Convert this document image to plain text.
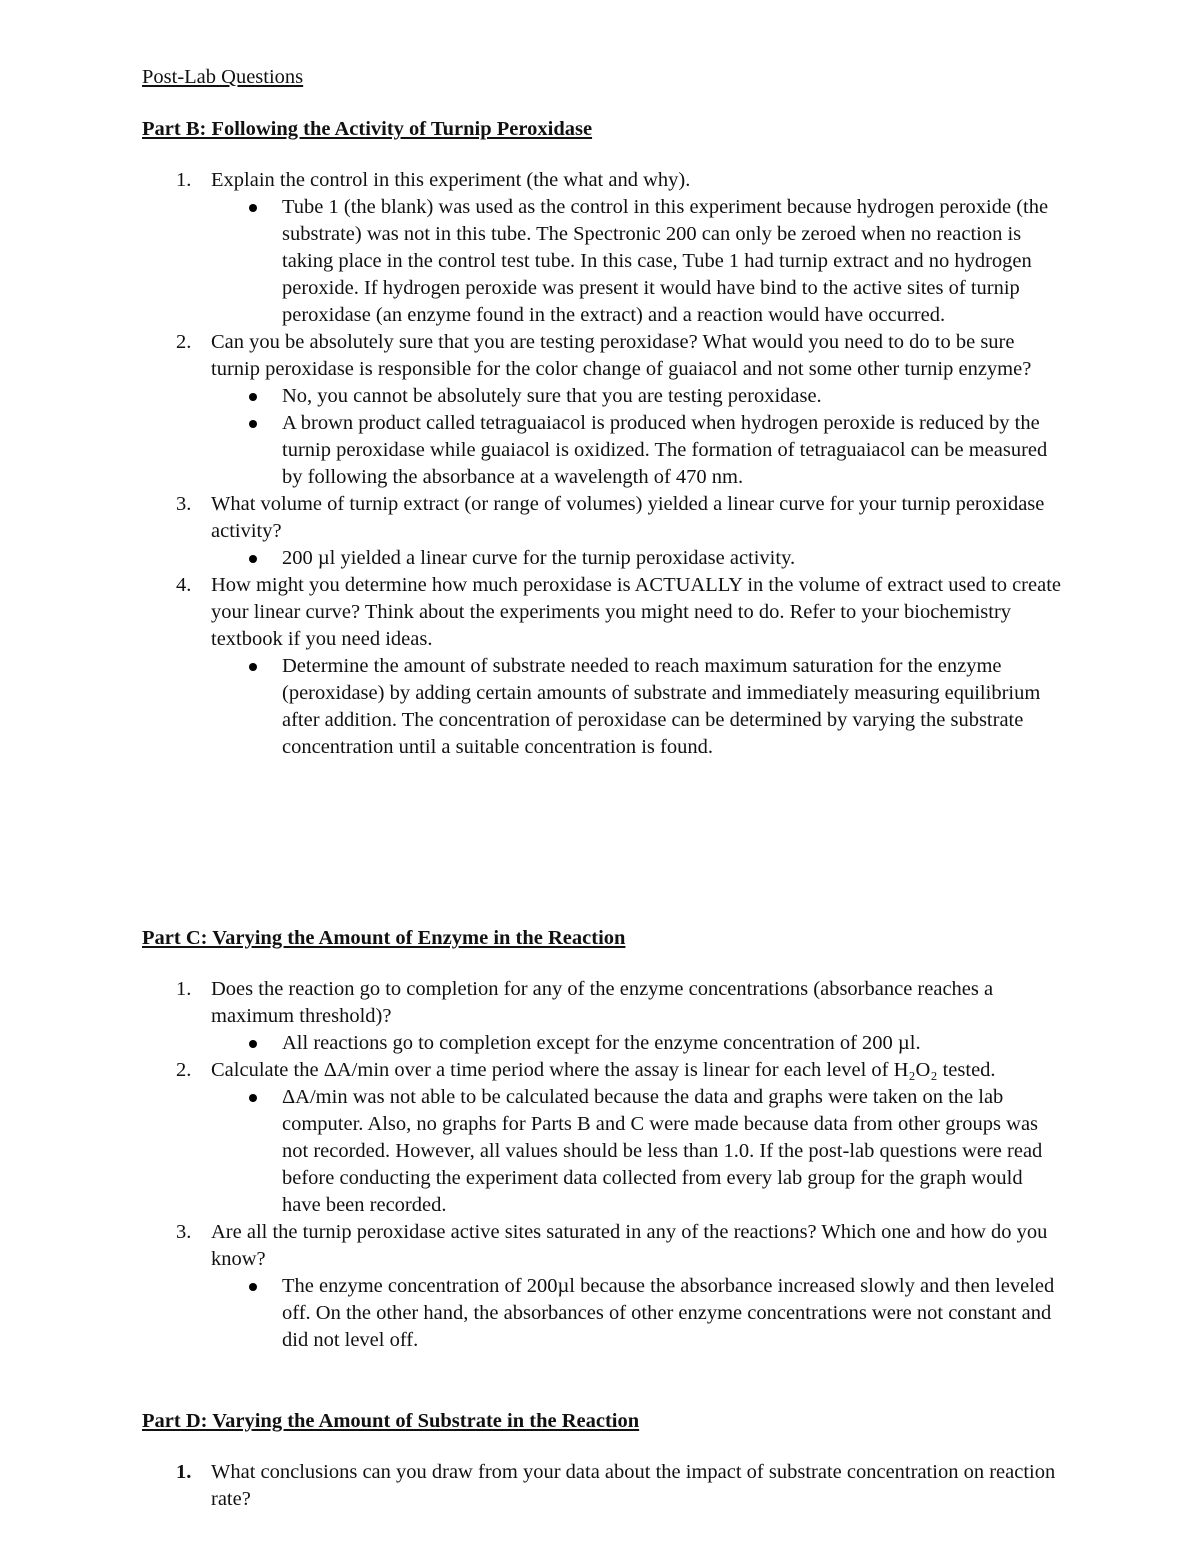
Post-Lab Questions
Part B: Following the Activity of Turnip Peroxidase
1. Explain the control in this experiment (the what and why).
Tube 1 (the blank) was used as the control in this experiment because hydrogen peroxide (the substrate) was not in this tube. The Spectronic 200 can only be zeroed when no reaction is taking place in the control test tube. In this case, Tube 1 had turnip extract and no hydrogen peroxide. If hydrogen peroxide was present it would have bind to the active sites of turnip peroxidase (an enzyme found in the extract) and a reaction would have occurred.
2. Can you be absolutely sure that you are testing peroxidase? What would you need to do to be sure turnip peroxidase is responsible for the color change of guaiacol and not some other turnip enzyme?
No, you cannot be absolutely sure that you are testing peroxidase.
A brown product called tetraguaiacol is produced when hydrogen peroxide is reduced by the turnip peroxidase while guaiacol is oxidized. The formation of tetraguaiacol can be measured by following the absorbance at a wavelength of 470 nm.
3. What volume of turnip extract (or range of volumes) yielded a linear curve for your turnip peroxidase activity?
200 µl yielded a linear curve for the turnip peroxidase activity.
4. How might you determine how much peroxidase is ACTUALLY in the volume of extract used to create your linear curve? Think about the experiments you might need to do. Refer to your biochemistry textbook if you need ideas.
Determine the amount of substrate needed to reach maximum saturation for the enzyme (peroxidase) by adding certain amounts of substrate and immediately measuring equilibrium after addition. The concentration of peroxidase can be determined by varying the substrate concentration until a suitable concentration is found.
Part C: Varying the Amount of Enzyme in the Reaction
1. Does the reaction go to completion for any of the enzyme concentrations (absorbance reaches a maximum threshold)?
All reactions go to completion except for the enzyme concentration of 200 µl.
2. Calculate the ΔA/min over a time period where the assay is linear for each level of H₂O₂ tested.
ΔA/min was not able to be calculated because the data and graphs were taken on the lab computer. Also, no graphs for Parts B and C were made because data from other groups was not recorded. However, all values should be less than 1.0. If the post-lab questions were read before conducting the experiment data collected from every lab group for the graph would have been recorded.
3. Are all the turnip peroxidase active sites saturated in any of the reactions? Which one and how do you know?
The enzyme concentration of 200µl because the absorbance increased slowly and then leveled off. On the other hand, the absorbances of other enzyme concentrations were not constant and did not level off.
Part D: Varying the Amount of Substrate in the Reaction
1. What conclusions can you draw from your data about the impact of substrate concentration on reaction rate?
